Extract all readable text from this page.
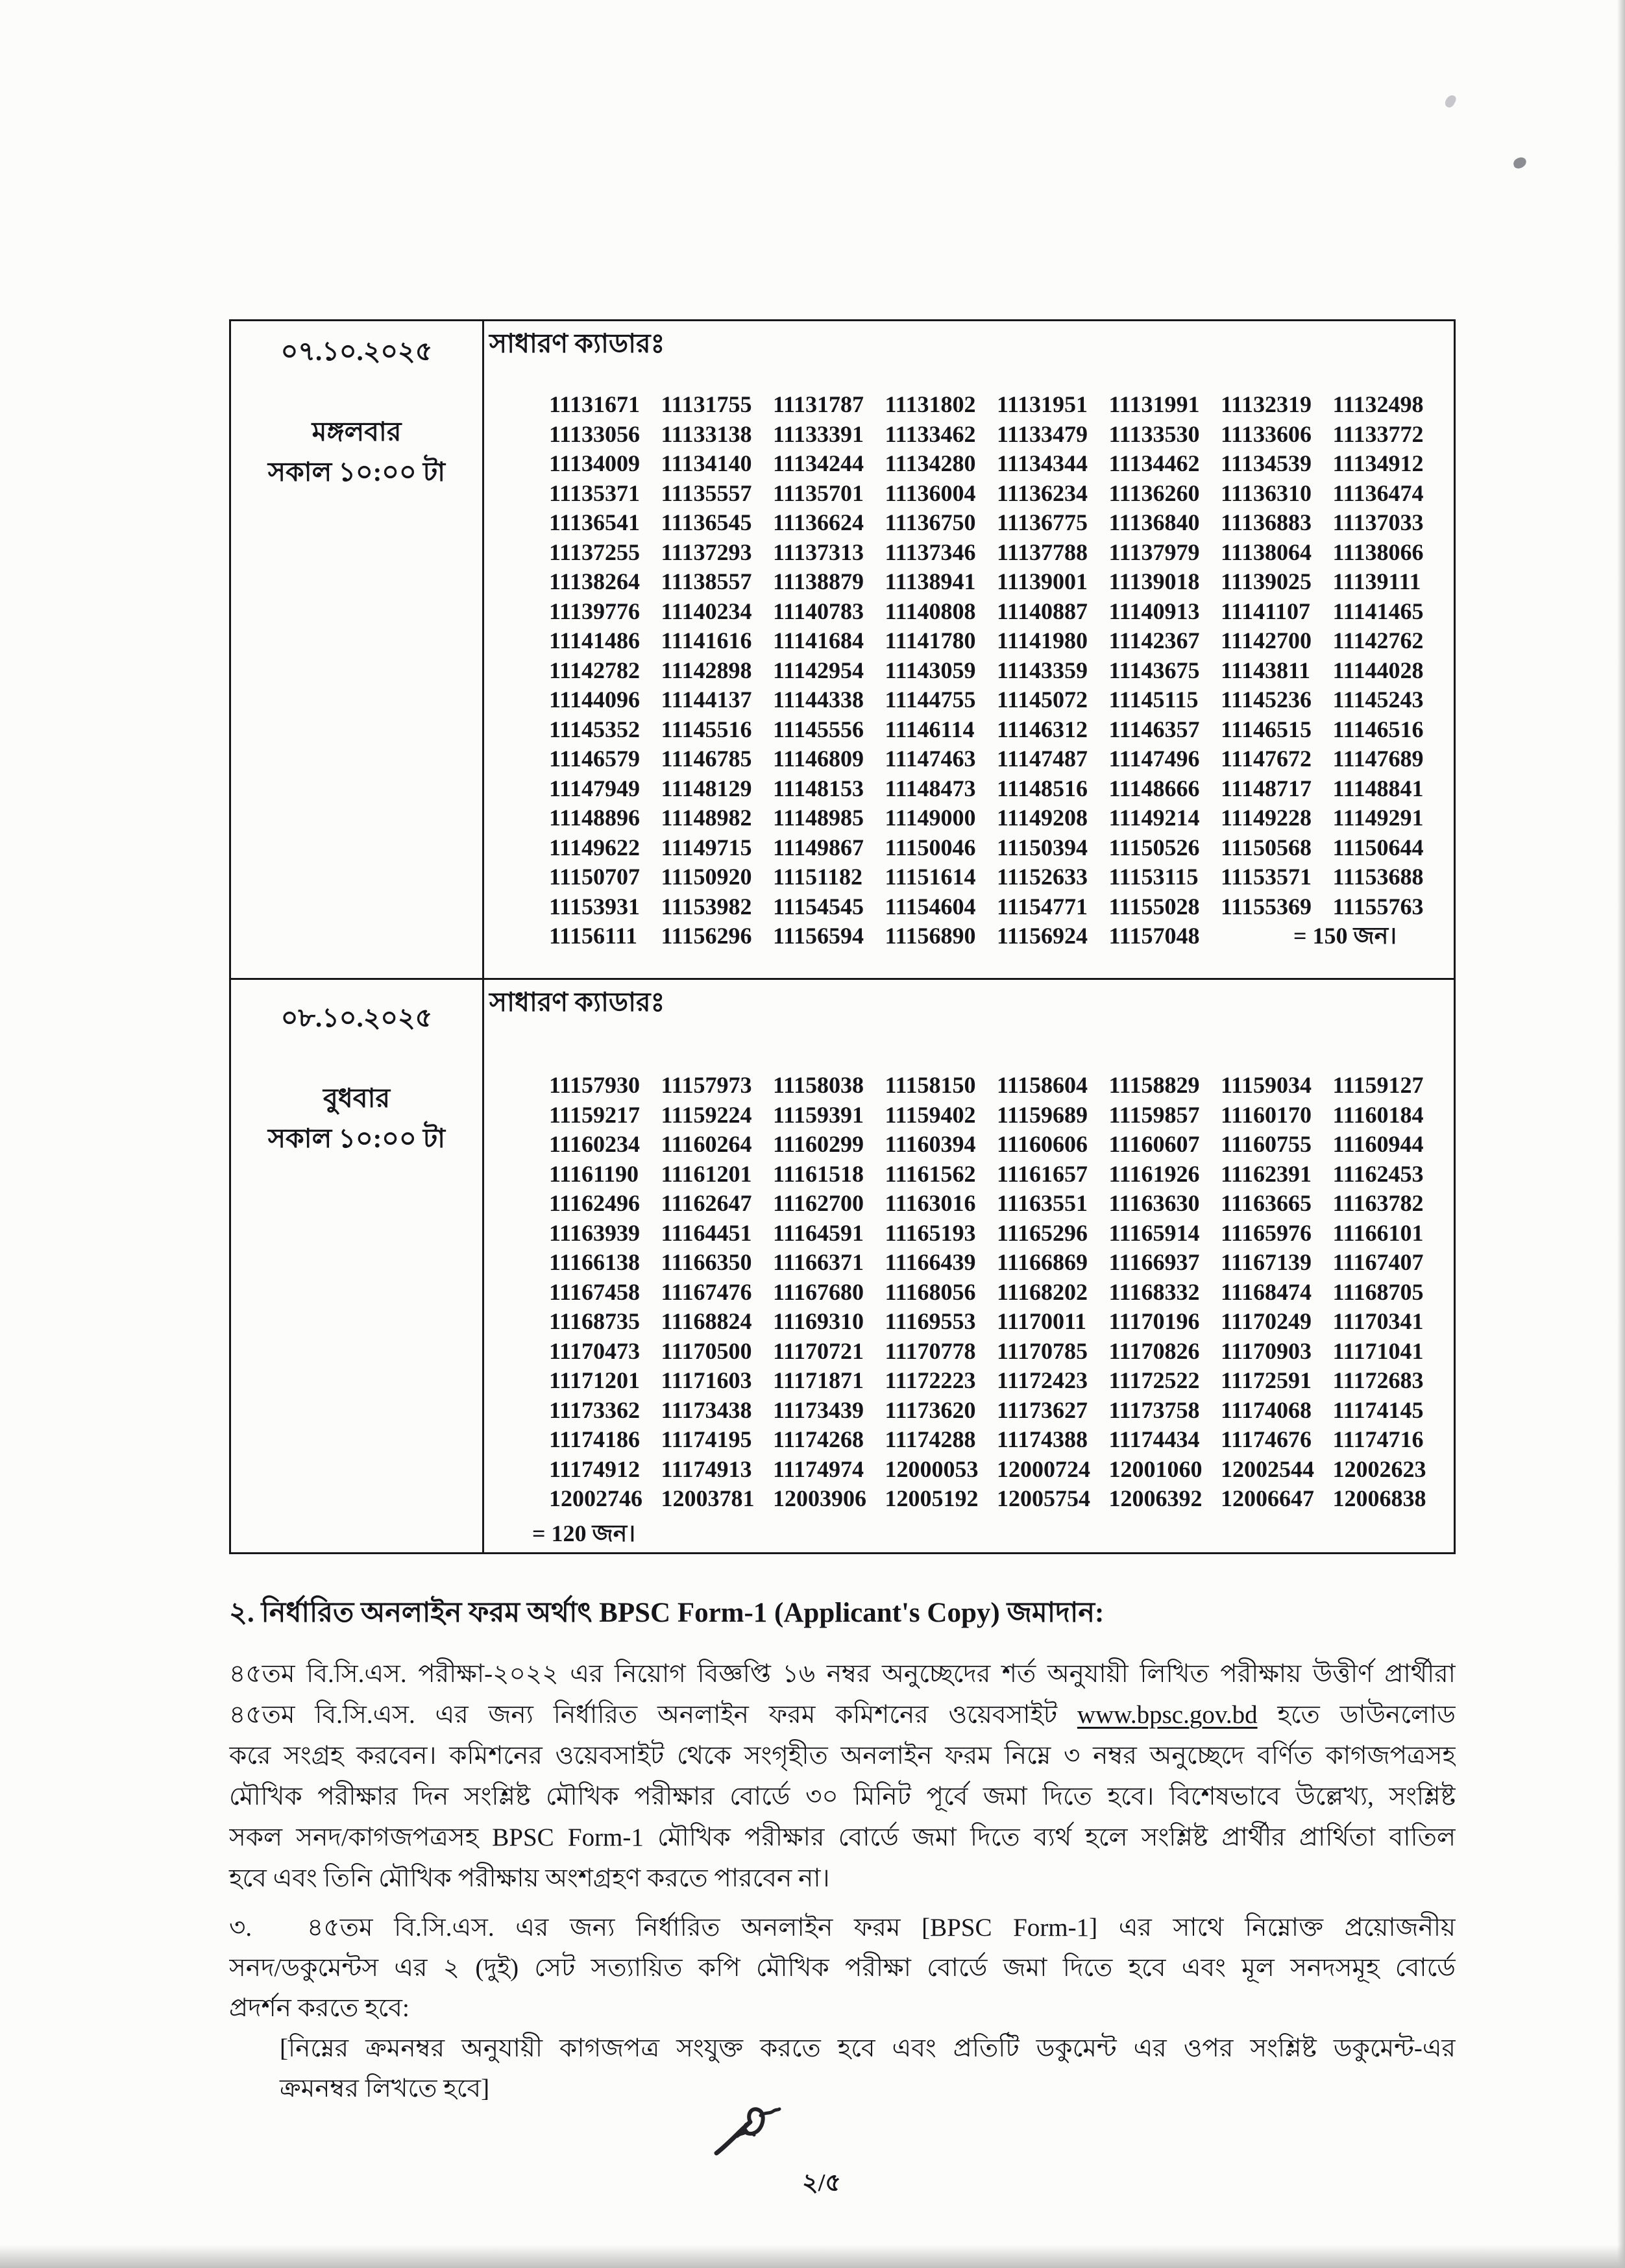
০৭.১০.২০২৫
মঙ্গলবার
সকাল ১০:০০ টা
সাধারণ ক্যাডারঃ
11131671 11131755 11131787 11131802 11131951 11131991 11132319 11132498
11133056 11133138 11133391 11133462 11133479 11133530 11133606 11133772
11134009 11134140 11134244 11134280 11134344 11134462 11134539 11134912
11135371 11135557 11135701 11136004 11136234 11136260 11136310 11136474
11136541 11136545 11136624 11136750 11136775 11136840 11136883 11137033
11137255 11137293 11137313 11137346 11137788 11137979 11138064 11138066
11138264 11138557 11138879 11138941 11139001 11139018 11139025 11139111
11139776 11140234 11140783 11140808 11140887 11140913 11141107 11141465
11141486 11141616 11141684 11141780 11141980 11142367 11142700 11142762
11142782 11142898 11142954 11143059 11143359 11143675 11143811 11144028
11144096 11144137 11144338 11144755 11145072 11145115 11145236 11145243
11145352 11145516 11145556 11146114 11146312 11146357 11146515 11146516
11146579 11146785 11146809 11147463 11147487 11147496 11147672 11147689
11147949 11148129 11148153 11148473 11148516 11148666 11148717 11148841
11148896 11148982 11148985 11149000 11149208 11149214 11149228 11149291
11149622 11149715 11149867 11150046 11150394 11150526 11150568 11150644
11150707 11150920 11151182 11151614 11152633 11153115 11153571 11153688
11153931 11153982 11154545 11154604 11154771 11155028 11155369 11155763
11156111 11156296 11156594 11156890 11156924 11157048	= 150 জন।
০৮.১০.২০২৫
বুধবার
সকাল ১০:০০ টা
সাধারণ ক্যাডারঃ
11157930 11157973 11158038 11158150 11158604 11158829 11159034 11159127
11159217 11159224 11159391 11159402 11159689 11159857 11160170 11160184
11160234 11160264 11160299 11160394 11160606 11160607 11160755 11160944
11161190 11161201 11161518 11161562 11161657 11161926 11162391 11162453
11162496 11162647 11162700 11163016 11163551 11163630 11163665 11163782
11163939 11164451 11164591 11165193 11165296 11165914 11165976 11166101
11166138 11166350 11166371 11166439 11166869 11166937 11167139 11167407
11167458 11167476 11167680 11168056 11168202 11168332 11168474 11168705
11168735 11168824 11169310 11169553 11170011 11170196 11170249 11170341
11170473 11170500 11170721 11170778 11170785 11170826 11170903 11171041
11171201 11171603 11171871 11172223 11172423 11172522 11172591 11172683
11173362 11173438 11173439 11173620 11173627 11173758 11174068 11174145
11174186 11174195 11174268 11174288 11174388 11174434 11174676 11174716
11174912 11174913 11174974 12000053 12000724 12001060 12002544 12002623
12002746 12003781 12003906 12005192 12005754 12006392 12006647 12006838
= 120 জন।
২. নির্ধারিত অনলাইন ফরম অর্থাৎ BPSC Form-1 (Applicant's Copy) জমাদান:
৪৫তম বি.সি.এস. পরীক্ষা-২০২২ এর নিয়োগ বিজ্ঞপ্তি ১৬ নম্বর অনুচ্ছেদের শর্ত অনুযায়ী লিখিত পরীক্ষায় উত্তীর্ণ প্রার্থীরা
৪৫তম বি.সি.এস. এর জন্য নির্ধারিত অনলাইন ফরম কমিশনের ওয়েবসাইট www.bpsc.gov.bd হতে ডাউনলোড
করে সংগ্রহ করবেন। কমিশনের ওয়েবসাইট থেকে সংগৃহীত অনলাইন ফরম নিম্নে ৩ নম্বর অনুচ্ছেদে বর্ণিত কাগজপত্রসহ
মৌখিক পরীক্ষার দিন সংশ্লিষ্ট মৌখিক পরীক্ষার বোর্ডে ৩০ মিনিট পূর্বে জমা দিতে হবে। বিশেষভাবে উল্লেখ্য, সংশ্লিষ্ট
সকল সনদ/কাগজপত্রসহ BPSC Form-1 মৌখিক পরীক্ষার বোর্ডে জমা দিতে ব্যর্থ হলে সংশ্লিষ্ট প্রার্থীর প্রার্থিতা বাতিল
হবে এবং তিনি মৌখিক পরীক্ষায় অংশগ্রহণ করতে পারবেন না।
৩. ৪৫তম বি.সি.এস. এর জন্য নির্ধারিত অনলাইন ফরম [BPSC Form-1] এর সাথে নিম্নোক্ত প্রয়োজনীয়
সনদ/ডকুমেন্টস এর ২ (দুই) সেট সত্যায়িত কপি মৌখিক পরীক্ষা বোর্ডে জমা দিতে হবে এবং মূল সনদসমূহ বোর্ডে
প্রদর্শন করতে হবে:
[নিম্নের ক্রমনম্বর অনুযায়ী কাগজপত্র সংযুক্ত করতে হবে এবং প্রতিটি ডকুমেন্ট এর ওপর সংশ্লিষ্ট ডকুমেন্ট-এর
ক্রমনম্বর লিখতে হবে]
২/৫
